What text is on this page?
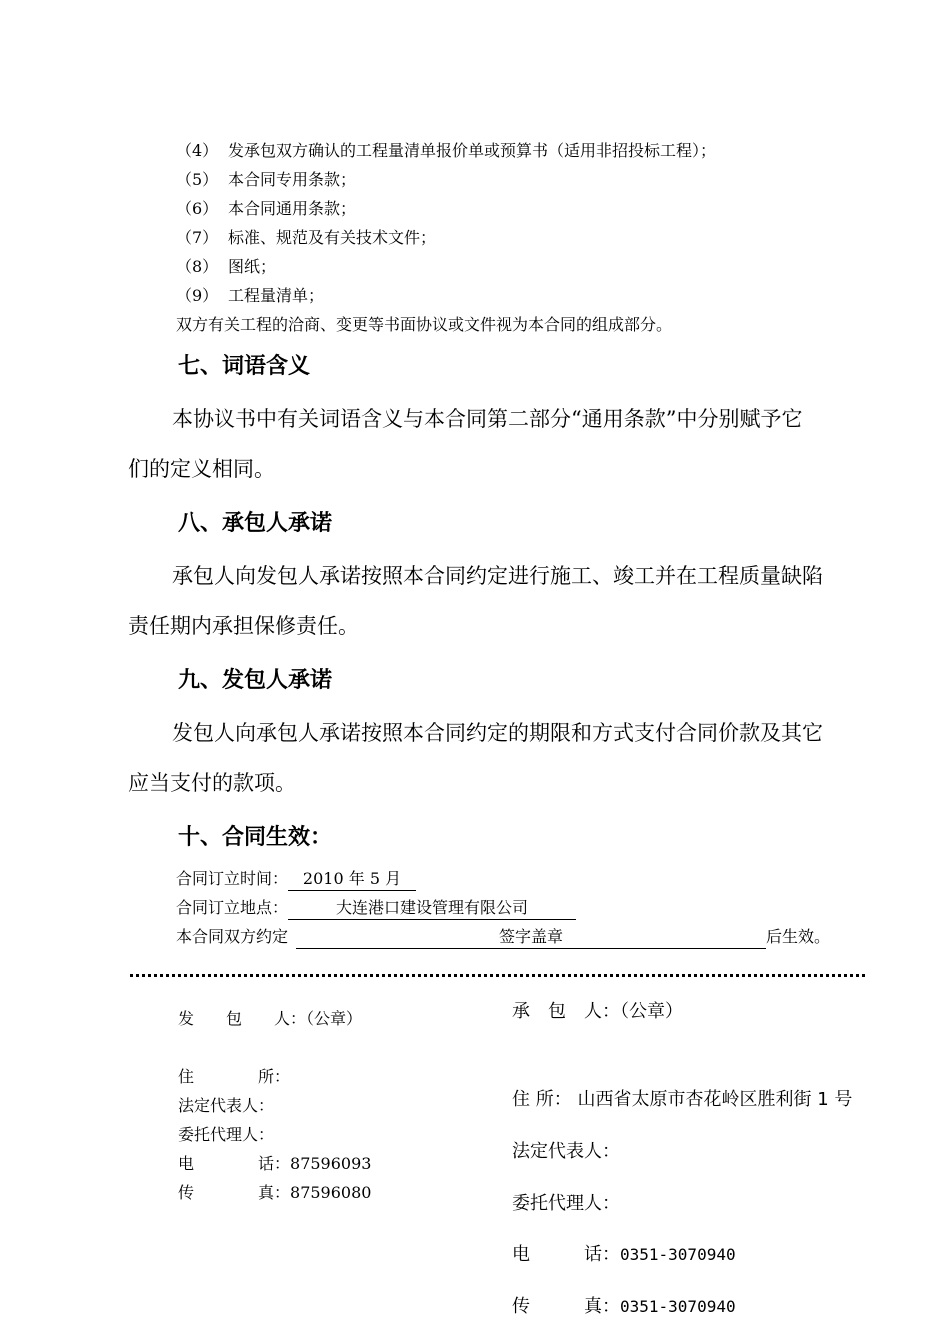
（4） 发承包双方确认的工程量清单报价单或预算书（适用非招投标工程）；
（5） 本合同专用条款；
（6） 本合同通用条款；
（7） 标准、规范及有关技术文件；
（8） 图纸；
（9） 工程量清单；
双方有关工程的洽商、变更等书面协议或文件视为本合同的组成部分。
七、词语含义
本协议书中有关词语含义与本合同第二部分“通用条款”中分别赋予它
们的定义相同。
八、承包人承诺
承包人向发包人承诺按照本合同约定进行施工、竣工并在工程质量缺陷
责任期内承担保修责任。
九、发包人承诺
发包人向承包人承诺按照本合同约定的期限和方式支付合同价款及其它
应当支付的款项。
十、合同生效：
合同订立时间： 2010 年 5 月
合同订立地点：	大连港口建设管理有限公司
本合同双方约定	签字盖章	后生效。
发　　包　　人：（公章）
住　　　　所：
法定代表人：
委托代理人：
电　　　　话：87596093
传　　　　真：87596080
承　包　人：（公章）
住 所： 山西省太原市杏花岭区胜利街 1 号
法定代表人：
委托代理人：
电　　　话：0351-3070940
传　　　真：0351-3070940
